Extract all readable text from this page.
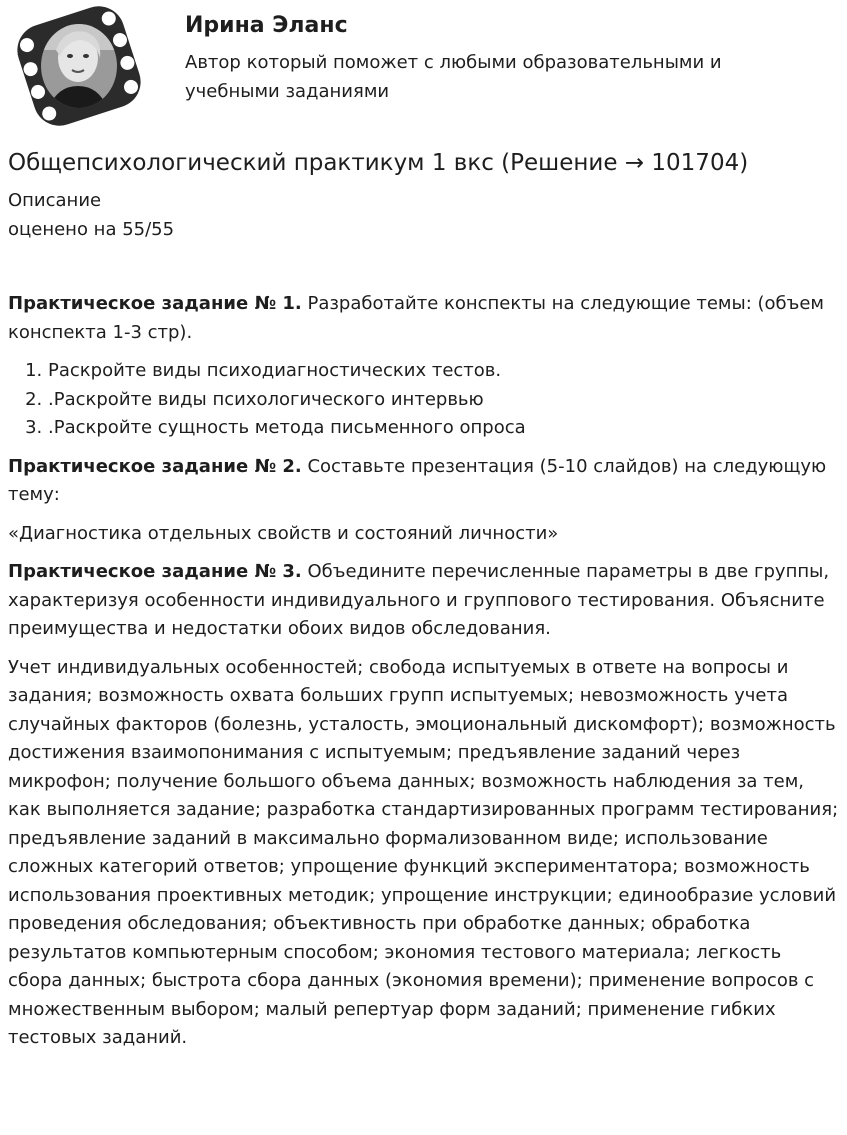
Ирина Эланс

Автор который поможет с любыми образовательными и учебными заданиями

Общепсихологический практикум 1 вкс (Решение → 101704)
Описание
оценено на 55/55

Практическое задание № 1. Разработайте конспекты на следующие темы: (объем конспекта 1-3 стр).

1. Раскройте виды психодиагностических тестов.
2. .Раскройте виды психологического интервью
3. .Раскройте сущность метода письменного опроса

Практическое задание № 2. Составьте презентация (5-10 слайдов) на следующую тему:

«Диагностика отдельных свойств и состояний личности»

Практическое задание № 3. Объедините перечисленные параметры в две группы, характеризуя особенности индивидуального и группового тестирования. Объясните преимущества и недостатки обоих видов обследования.

Учет индивидуальных особенностей; свобода испытуемых в ответе на вопросы и задания; возможность охвата больших групп испытуемых; невозможность учета случайных факторов (болезнь, усталость, эмоциональный дискомфорт); возможность достижения взаимопонимания с испытуемым; предъявление заданий через микрофон; получение большого объема данных; возможность наблюдения за тем, как выполняется задание; разработка стандартизированных программ тестирования; предъявление заданий в максимально формализованном виде; использование сложных категорий ответов; упрощение функций экспериментатора; возможность использования проективных методик; упрощение инструкции; единообразие условий проведения обследования; объективность при обработке данных; обработка результатов компьютерным способом; экономия тестового материала; легкость сбора данных; быстрота сбора данных (экономия времени); применение вопросов с множественным выбором; малый репертуар форм заданий; применение гибких тестовых заданий.
